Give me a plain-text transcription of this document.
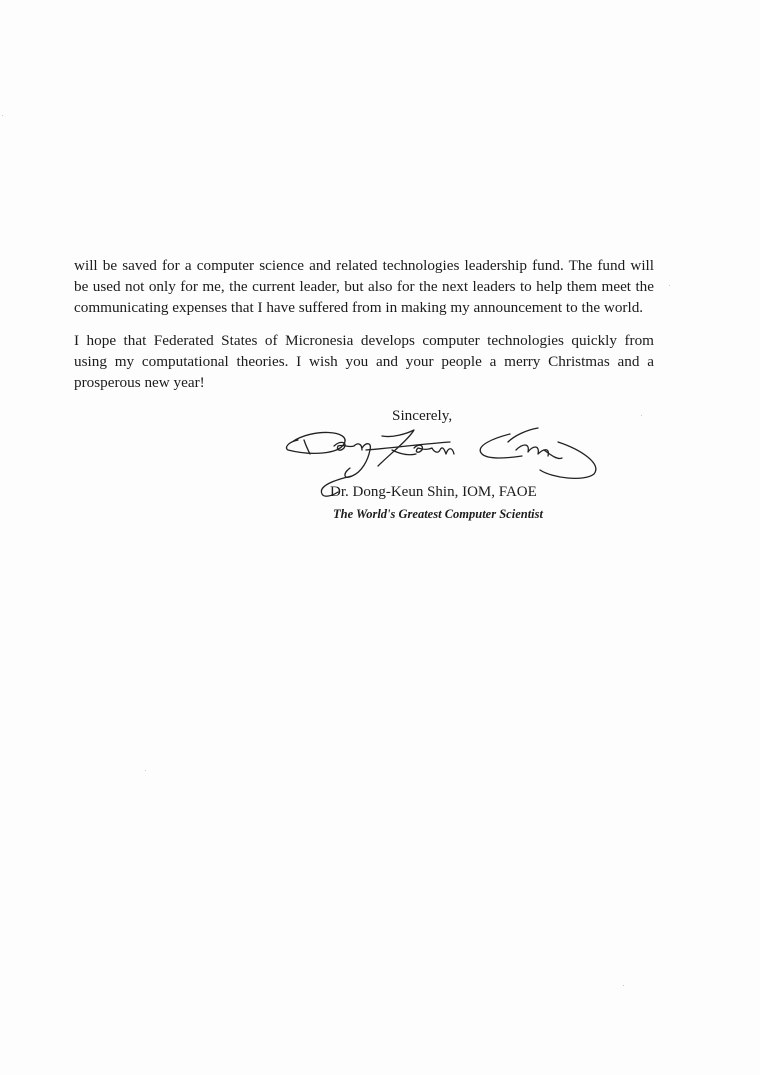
will be saved for a computer science and related technologies leadership fund. The fund will
be used not only for me, the current leader, but also for the next leaders to help them meet the
communicating expenses that I have suffered from in making my announcement to the world.

I hope that Federated States of Micronesia develops computer technologies quickly from
using my computational theories. I wish you and your people a merry Christmas and a
prosperous new year!

Sincerely,

Dr. Dong-Keun Shin, IOM, FAOE

The World's Greatest Computer Scientist
